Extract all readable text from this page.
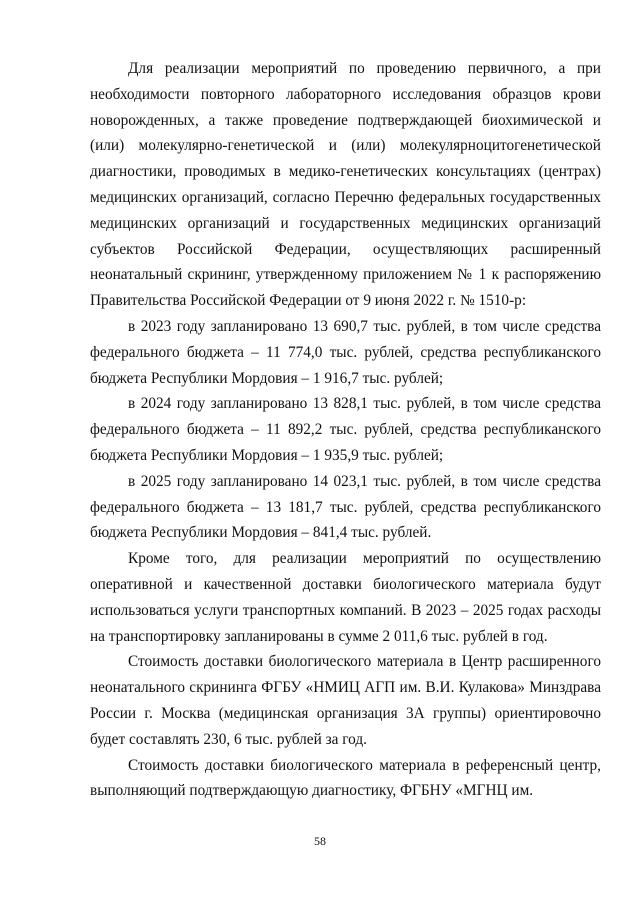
Для реализации мероприятий по проведению первичного, а при необходимости повторного лабораторного исследования образцов крови новорожденных, а также проведение подтверждающей биохимической и (или) молекулярно-генетической и (или) молекулярноцитогенетической диагностики, проводимых в медико-генетических консультациях (центрах) медицинских организаций, согласно Перечню федеральных государственных медицинских организаций и государственных медицинских организаций субъектов Российской Федерации, осуществляющих расширенный неонатальный скрининг, утвержденному приложением № 1 к распоряжению Правительства Российской Федерации от 9 июня 2022 г. № 1510-р:

в 2023 году запланировано 13 690,7 тыс. рублей, в том числе средства федерального бюджета – 11 774,0 тыс. рублей, средства республиканского бюджета Республики Мордовия – 1 916,7 тыс. рублей;

в 2024 году запланировано 13 828,1 тыс. рублей, в том числе средства федерального бюджета – 11 892,2 тыс. рублей, средства республиканского бюджета Республики Мордовия – 1 935,9 тыс. рублей;

в 2025 году запланировано 14 023,1 тыс. рублей, в том числе средства федерального бюджета – 13 181,7 тыс. рублей, средства республиканского бюджета Республики Мордовия – 841,4 тыс. рублей.

Кроме того, для реализации мероприятий по осуществлению оперативной и качественной доставки биологического материала будут использоваться услуги транспортных компаний. В 2023 – 2025 годах расходы на транспортировку запланированы в сумме 2 011,6 тыс. рублей в год.

Стоимость доставки биологического материала в Центр расширенного неонатального скрининга ФГБУ «НМИЦ АГП им. В.И. Кулакова» Минздрава России г. Москва (медицинская организация 3А группы) ориентировочно будет составлять 230, 6 тыс. рублей за год.

Стоимость доставки биологического материала в референсный центр, выполняющий подтверждающую диагностику, ФГБНУ «МГНЦ им.

58
